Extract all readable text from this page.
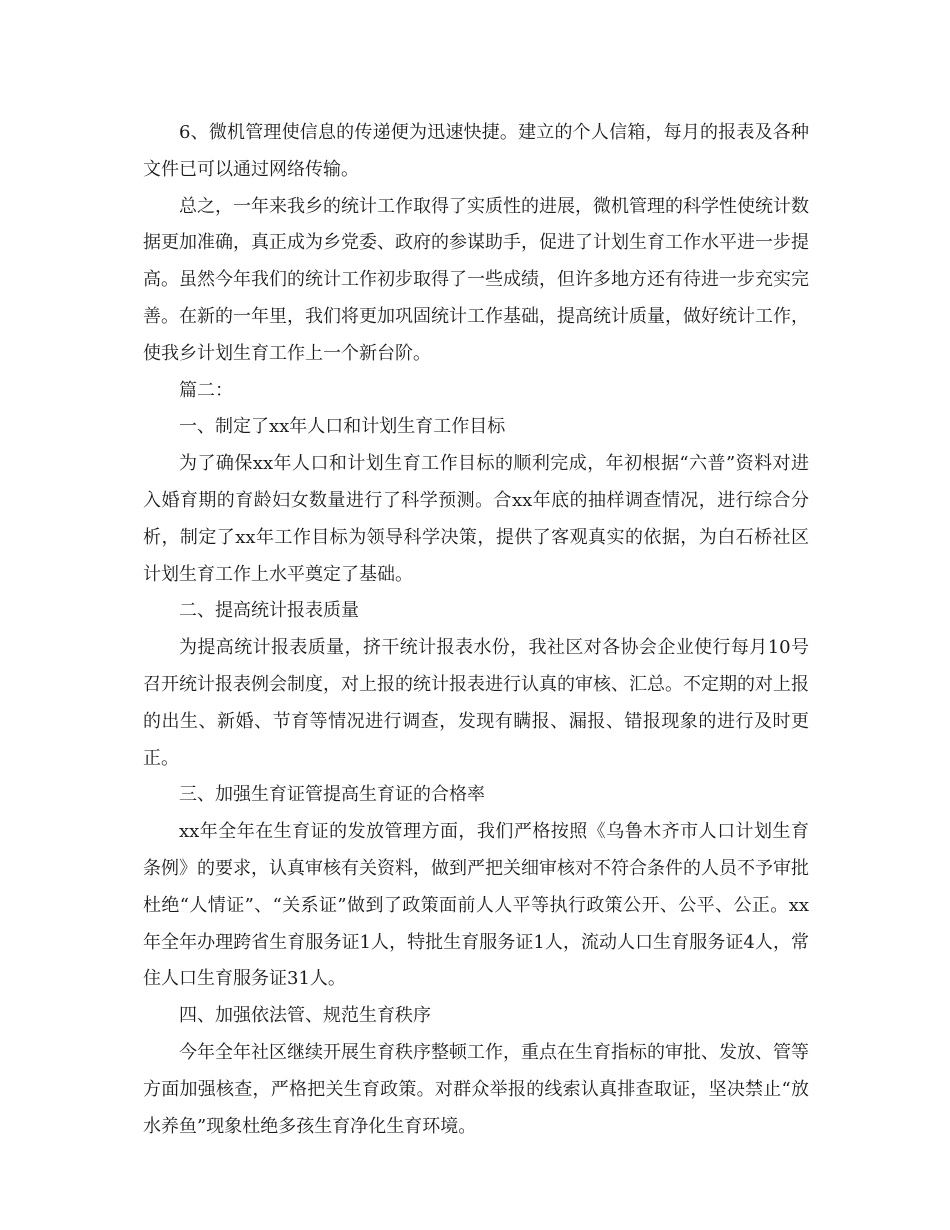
6、微机管理使信息的传递便为迅速快捷。建立的个人信箱，每月的报表及各种文件已可以通过网络传输。

总之，一年来我乡的统计工作取得了实质性的进展，微机管理的科学性使统计数据更加准确，真正成为乡党委、政府的参谋助手，促进了计划生育工作水平进一步提高。虽然今年我们的统计工作初步取得了一些成绩，但许多地方还有待进一步充实完善。在新的一年里，我们将更加巩固统计工作基础，提高统计质量，做好统计工作，使我乡计划生育工作上一个新台阶。

篇二：

一、制定了xx年人口和计划生育工作目标

为了确保xx年人口和计划生育工作目标的顺利完成，年初根据“六普”资料对进入婚育期的育龄妇女数量进行了科学预测。合xx年底的抽样调查情况，进行综合分析，制定了xx年工作目标为领导科学决策，提供了客观真实的依据，为白石桥社区计划生育工作上水平奠定了基础。

二、提高统计报表质量

为提高统计报表质量，挤干统计报表水份，我社区对各协会企业使行每月10号召开统计报表例会制度，对上报的统计报表进行认真的审核、汇总。不定期的对上报的出生、新婚、节育等情况进行调查，发现有瞒报、漏报、错报现象的进行及时更正。

三、加强生育证管提高生育证的合格率

xx年全年在生育证的发放管理方面，我们严格按照《乌鲁木齐市人口计划生育条例》的要求，认真审核有关资料，做到严把关细审核对不符合条件的人员不予审批杜绝“人情证”、“关系证”做到了政策面前人人平等执行政策公开、公平、公正。xx年全年办理跨省生育服务证1人，特批生育服务证1人，流动人口生育服务证4人，常住人口生育服务证31人。

四、加强依法管、规范生育秩序

今年全年社区继续开展生育秩序整顿工作，重点在生育指标的审批、发放、管等方面加强核查，严格把关生育政策。对群众举报的线索认真排查取证，坚决禁止“放水养鱼”现象杜绝多孩生育净化生育环境。
